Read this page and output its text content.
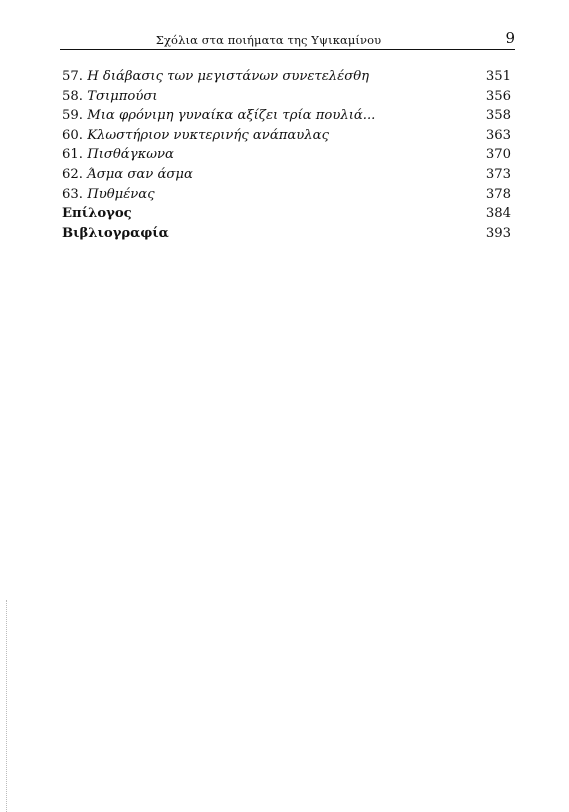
Σχόλια στα ποιήματα της Υψικαμίνου	9
57. Η διάβασις των μεγιστάνων συνετελέσθη	351
58. Τσιμπούσι	356
59. Μια φρόνιμη γυναίκα αξίζει τρία πουλιά...	358
60. Κλωστήριον νυκτερινής ανάπαυλας	363
61. Πισθάγκωνα	370
62. Άσμα σαν άσμα	373
63. Πυθμένας	378
Επίλογος	384
Βιβλιογραφία	393
